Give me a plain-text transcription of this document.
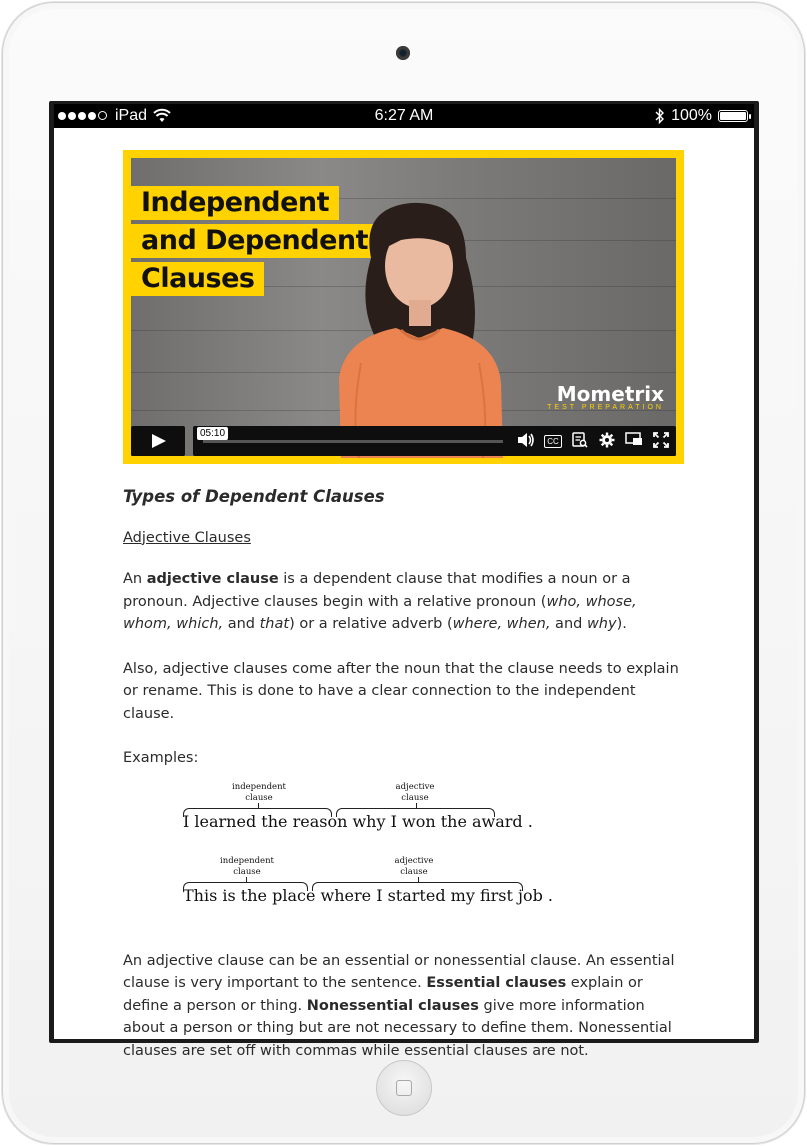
iPad	6:27 AM	100%
Independent
and Dependent
Clauses
Mometrix
TEST PREPARATION
05:10
CC
Types of Dependent Clauses
Adjective Clauses

An adjective clause is a dependent clause that modifies a noun or a pronoun. Adjective clauses begin with a relative pronoun (who, whose, whom, which, and that) or a relative adverb (where, when, and why).

Also, adjective clauses come after the noun that the clause needs to explain or rename. This is done to have a clear connection to the independent clause.

Examples:

independent
clause
adjective
clause
I learned the reason why I won the award .
independent
clause
adjective
clause
This is the place where I started my first job .

An adjective clause can be an essential or nonessential clause. An essential clause is very important to the sentence. Essential clauses explain or define a person or thing. Nonessential clauses give more information about a person or thing but are not necessary to define them. Nonessential clauses are set off with commas while essential clauses are not.
